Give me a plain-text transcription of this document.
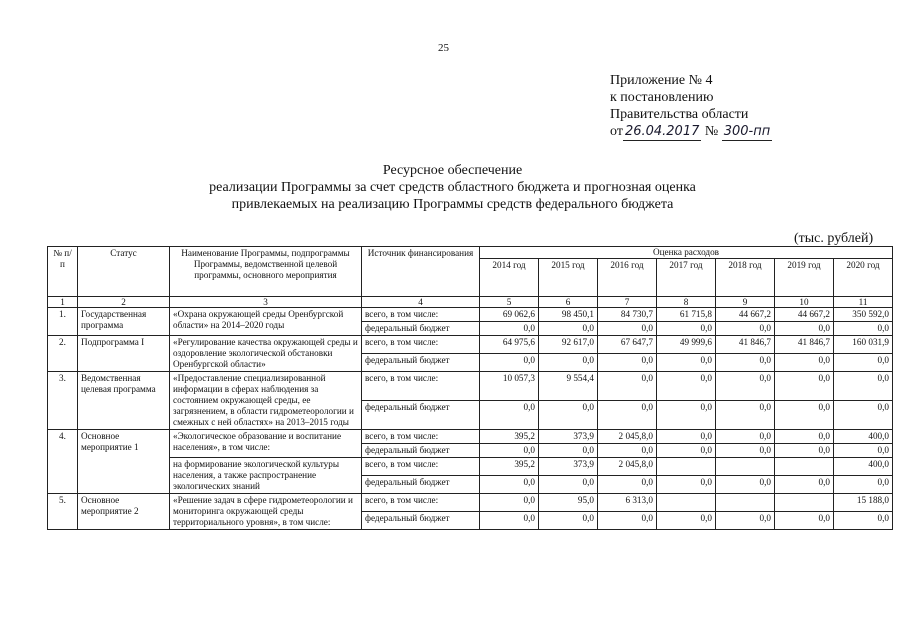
25
Приложение № 4
к постановлению
Правительства области
от 26.04.2017 № 300-пп
Ресурсное обеспечение
реализации Программы за счет средств областного бюджета и прогнозная оценка
привлекаемых на реализацию Программы средств федерального бюджета
(тыс. рублей)
№ п/п	Статус	Наименование Программы, подпрограммы Программы, ведомственной целевой программы, основного мероприятия	Источник финансирования	Оценка расходов						
				2014 год	2015 год	2016 год	2017 год	2018 год	2019 год	2020 год
1	2	3	4	5	6	7	8	9	10	11
1.	Государственная программа	«Охрана окружающей среды Оренбургской области» на 2014–2020 годы	всего, в том числе:	69 062,6	98 450,1	84 730,7	61 715,8	44 667,2	44 667,2	350 592,0
			федеральный бюджет	0,0	0,0	0,0	0,0	0,0	0,0	0,0
2.	Подпрограмма I	«Регулирование качества окружающей среды и оздоровление экологической обстановки Оренбургской области»	всего, в том числе:	64 975,6	92 617,0	67 647,7	49 999,6	41 846,7	41 846,7	160 031,9
			федеральный бюджет	0,0	0,0	0,0	0,0	0,0	0,0	0,0
3.	Ведомственная целевая программа	«Предоставление специализированной информации в сферах наблюдения за состоянием окружающей среды, ее загрязнением, в области гидрометеорологии и смежных с ней областях» на 2013–2015 годы	всего, в том числе:	10 057,3	9 554,4	0,0	0,0	0,0	0,0	0,0
			федеральный бюджет	0,0	0,0	0,0	0,0	0,0	0,0	0,0
4.	Основное мероприятие 1	«Экологическое образование и воспитание населения», в том числе:	всего, в том числе:	395,2	373,9	2 045,8,0	0,0	0,0	0,0	400,0
			федеральный бюджет	0,0	0,0	0,0	0,0	0,0	0,0	0,0
		на формирование экологической культуры населения, а также распространение экологических знаний	всего, в том числе:	395,2	373,9	2 045,8,0				400,0
			федеральный бюджет	0,0	0,0	0,0	0,0	0,0	0,0	0,0
5.	Основное мероприятие 2	«Решение задач в сфере гидрометеорологии и мониторинга окружающей среды территориального уровня», в том числе:	всего, в том числе:	0,0	95,0	6 313,0				15 188,0
			федеральный бюджет	0,0	0,0	0,0	0,0	0,0	0,0	0,0
